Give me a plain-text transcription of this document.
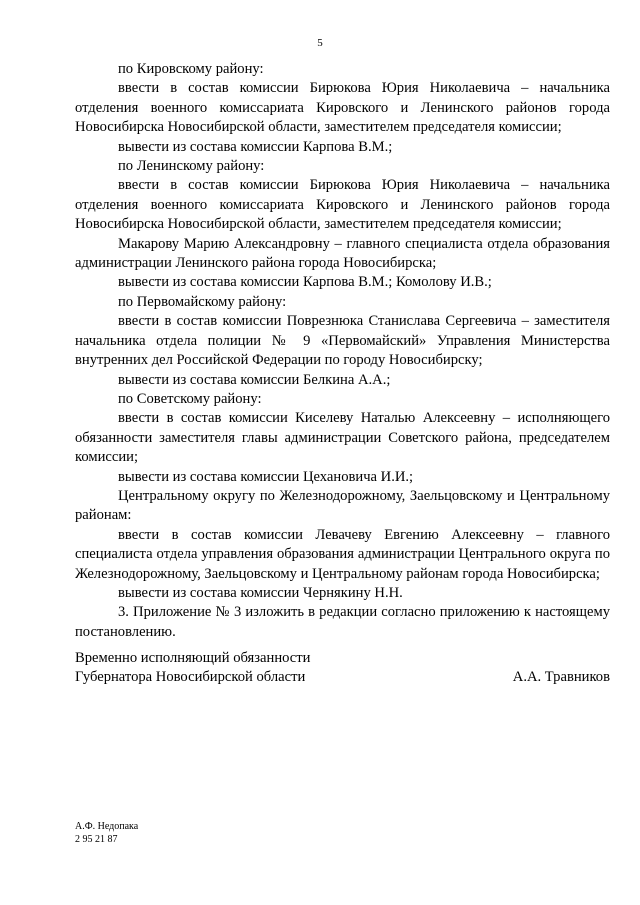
5

по Кировскому району:

ввести в состав комиссии Бирюкова Юрия Николаевича – начальника отделения военного комиссариата Кировского и Ленинского районов города Новосибирска Новосибирской области, заместителем председателя комиссии;

вывести из состава комиссии Карпова В.М.;

по Ленинскому району:

ввести в состав комиссии Бирюкова Юрия Николаевича – начальника отделения военного комиссариата Кировского и Ленинского районов города Новосибирска Новосибирской области, заместителем председателя комиссии;

Макарову Марию Александровну – главного специалиста отдела образования администрации Ленинского района города Новосибирска;

вывести из состава комиссии Карпова В.М.; Комолову И.В.;

по Первомайскому району:

ввести в состав комиссии Поврезнюка Станислава Сергеевича – заместителя начальника отдела полиции № 9 «Первомайский» Управления Министерства внутренних дел Российской Федерации по городу Новосибирску;

вывести из состава комиссии Белкина А.А.;

по Советскому району:

ввести в состав комиссии Киселеву Наталью Алексеевну – исполняющего обязанности заместителя главы администрации Советского района, председателем комиссии;

вывести из состава комиссии Цехановича И.И.;

Центральному округу по Железнодорожному, Заельцовскому и Центральному районам:

ввести в состав комиссии Левачеву Евгению Алексеевну – главного специалиста отдела управления образования администрации Центрального округа по Железнодорожному, Заельцовскому и Центральному районам города Новосибирска;

вывести из состава комиссии Чернякину Н.Н.

3. Приложение № 3 изложить в редакции согласно приложению к настоящему постановлению.

Временно исполняющий обязанности
Губернатора Новосибирской области	А.А. Травников
А.Ф. Недопака
2 95 21 87
